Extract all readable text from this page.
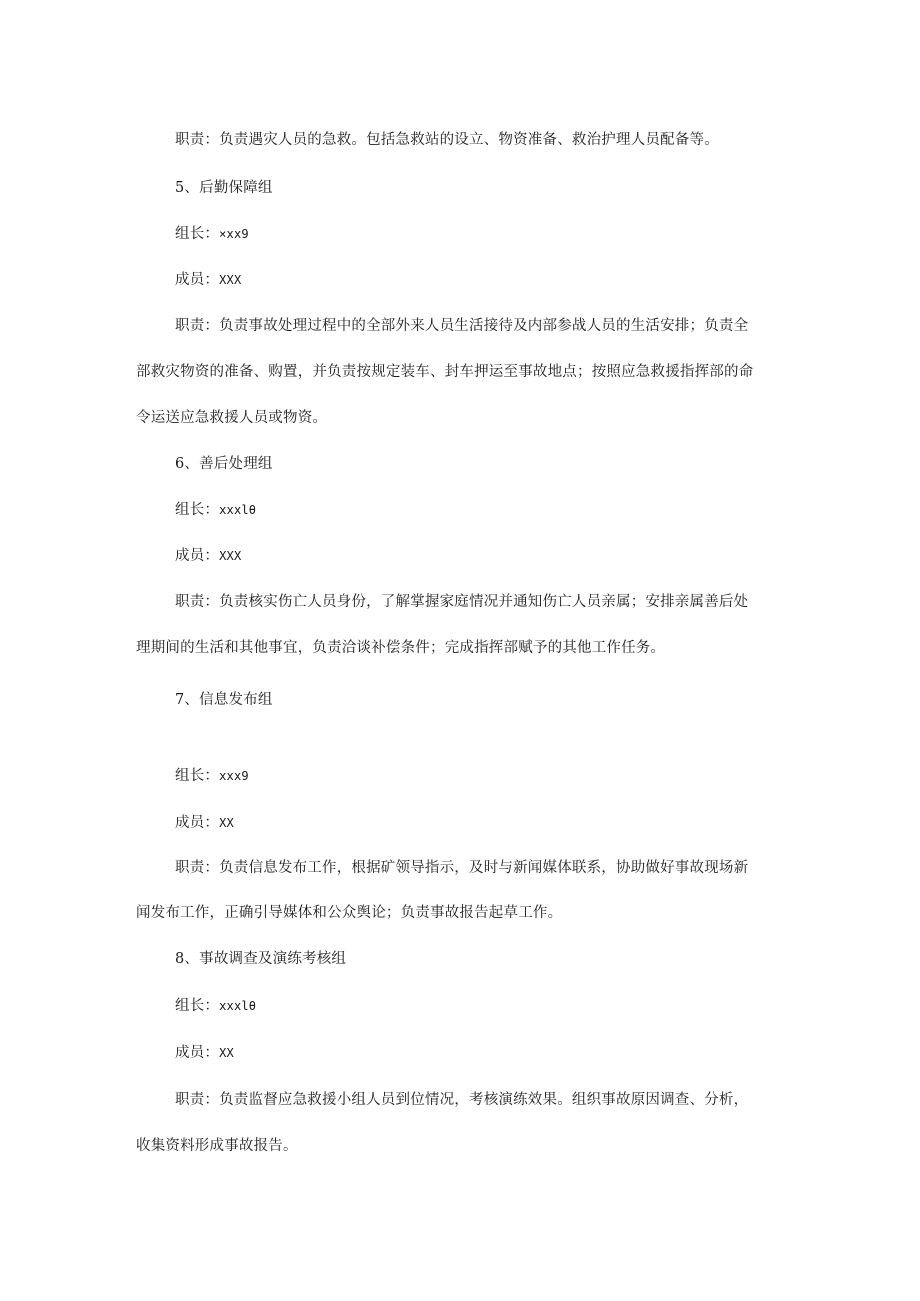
职责：负责遇灾人员的急救。包括急救站的设立、物资准备、救治护理人员配备等。
5、后勤保障组
组长：×xx9
成员：XXX
职责：负责事故处理过程中的全部外来人员生活接待及内部参战人员的生活安排；负责全
部救灾物资的准备、购置，并负责按规定装车、封车押运至事故地点；按照应急救援指挥部的命
令运送应急救援人员或物资。
6、善后处理组
组长：xxxlθ
成员：XXX
职责：负责核实伤亡人员身份，了解掌握家庭情况并通知伤亡人员亲属；安排亲属善后处
理期间的生活和其他事宜，负责洽谈补偿条件；完成指挥部赋予的其他工作任务。
7、信息发布组
组长：xxx9
成员：XX
职责：负责信息发布工作，根据矿领导指示，及时与新闻媒体联系，协助做好事故现场新
闻发布工作，正确引导媒体和公众舆论；负责事故报告起草工作。
8、事故调查及演练考核组
组长：xxxlθ
成员：XX
职责：负责监督应急救援小组人员到位情况，考核演练效果。组织事故原因调查、分析，
收集资料形成事故报告。
